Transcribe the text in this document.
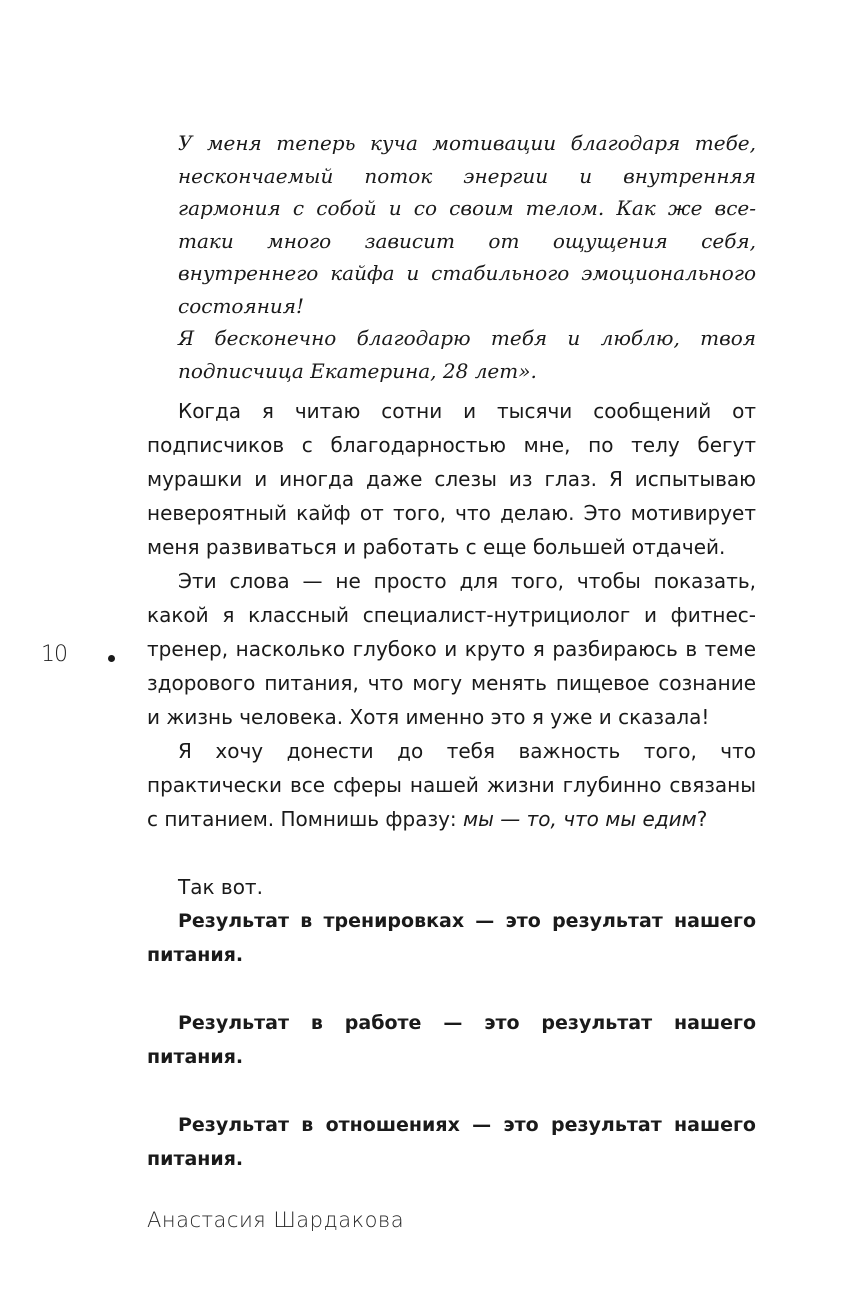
У меня теперь куча мотивации благодаря тебе, нескончаемый поток энергии и внутренняя гармония с собой и со своим телом. Как же все-таки много зависит от ощущения себя, внутреннего кайфа и стабильного эмоционального состояния!

Я бесконечно благодарю тебя и люблю, твоя подписчица Екатерина, 28 лет».

Когда я читаю сотни и тысячи сообщений от подписчиков с благодарностью мне, по телу бегут мурашки и иногда даже слезы из глаз. Я испытываю невероятный кайф от того, что делаю. Это мотивирует меня развиваться и работать с еще большей отдачей.

Эти слова — не просто для того, чтобы показать, какой я классный специалист-нутрициолог и фитнес-тренер, насколько глубоко и круто я разбираюсь в теме здорового питания, что могу менять пищевое сознание и жизнь человека. Хотя именно это я уже и сказала!

Я хочу донести до тебя важность того, что практически все сферы нашей жизни глубинно связаны с питанием. Помнишь фразу: мы — то, что мы едим?

Так вот.

Результат в тренировках — это результат нашего питания.

Результат в работе — это результат нашего питания.

Результат в отношениях — это результат нашего питания.

10
Анастасия Шардакова
